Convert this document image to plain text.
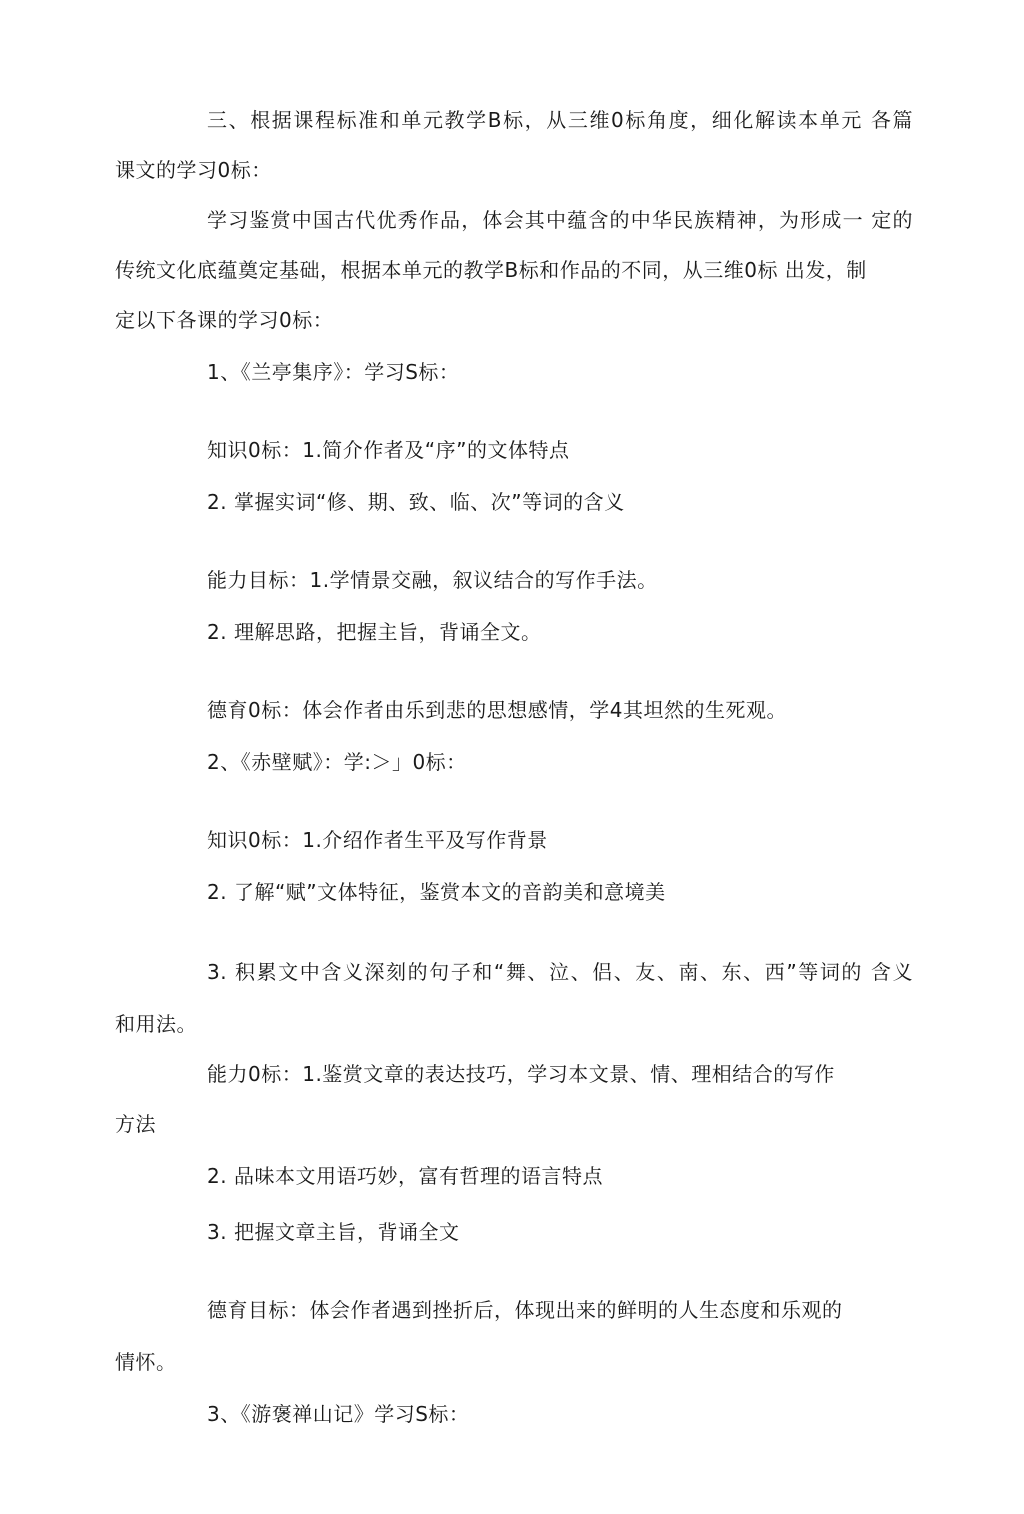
三、根据课程标准和单元教学B标，从三维0标角度，细化解读本单元 各篇
课文的学习0标：
学习鉴赏中国古代优秀作品，体会其中蕴含的中华民族精神，为形成一 定的
传统文化底蕴奠定基础，根据本单元的教学B标和作品的不同，从三维0标 出发，制
定以下各课的学习0标：
1、《兰亭集序》：学习S标：
知识0标：1.简介作者及“序”的文体特点
2. 掌握实词“修、期、致、临、次”等词的含义
能力目标：1.学情景交融，叙议结合的写作手法。
2. 理解思路，把握主旨，背诵全文。
德育0标：体会作者由乐到悲的思想感情，学4其坦然的生死观。
2、《赤壁赋》：学:＞」0标：
知识0标：1.介绍作者生平及写作背景
2. 了解“赋”文体特征，鉴赏本文的音韵美和意境美
3. 积累文中含义深刻的句子和“舞、泣、侣、友、南、东、西”等词的 含义
和用法。
能力0标：1.鉴赏文章的表达技巧，学习本文景、情、理相结合的写作
方法
2. 品味本文用语巧妙，富有哲理的语言特点
3. 把握文章主旨，背诵全文
德育目标：体会作者遇到挫折后，体现出来的鲜明的人生态度和乐观的
情怀。
3、《游褒禅山记》学习S标：
